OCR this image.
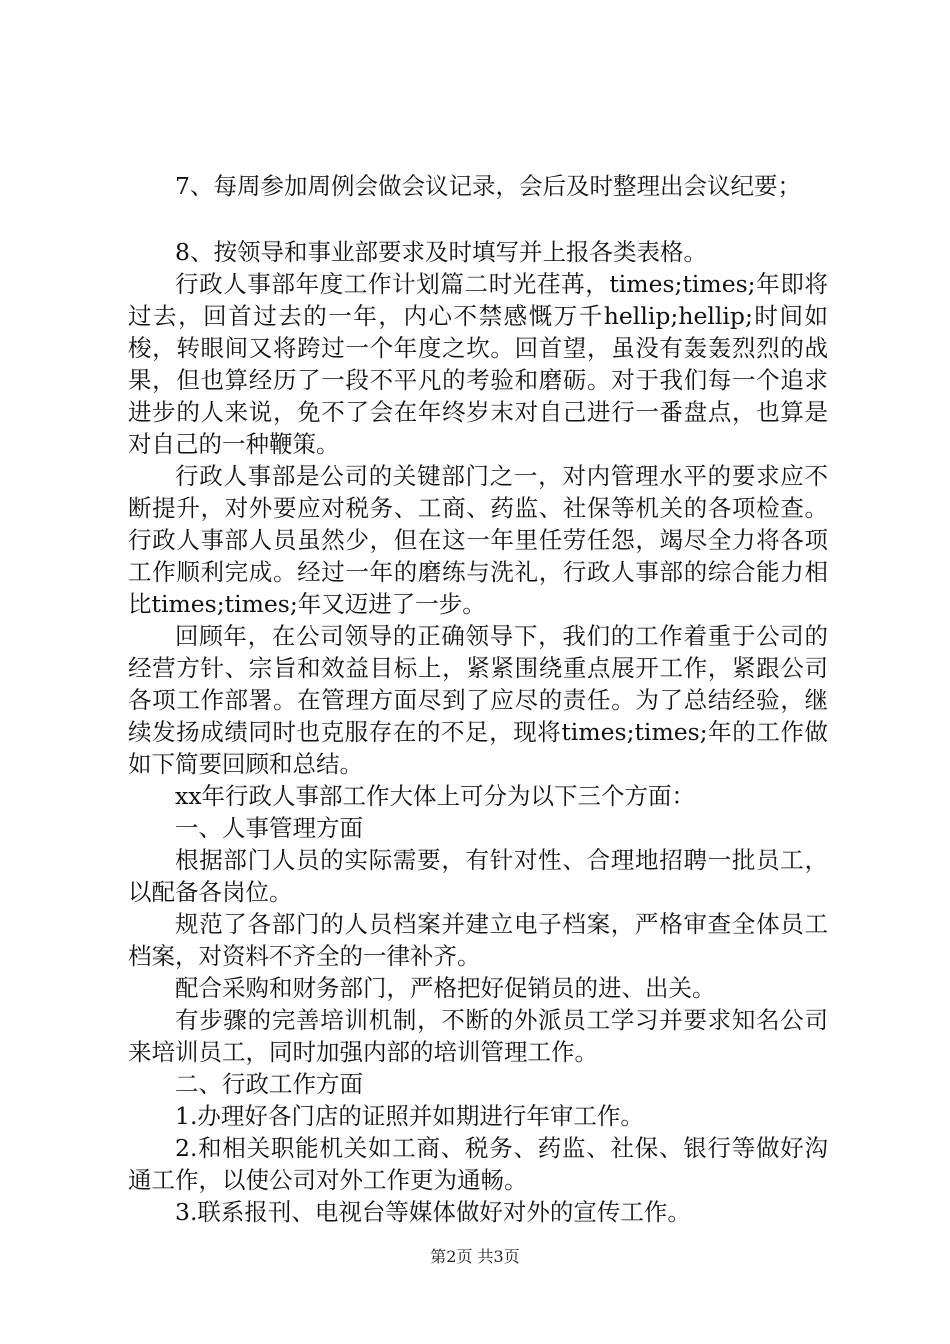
7、每周参加周例会做会议记录，会后及时整理出会议纪要；

8、按领导和事业部要求及时填写并上报各类表格。

行政人事部年度工作计划篇二时光荏苒，times;times;年即将过去，回首过去的一年，内心不禁感慨万千hellip;hellip;时间如梭，转眼间又将跨过一个年度之坎。回首望，虽没有轰轰烈烈的战果，但也算经历了一段不平凡的考验和磨砺。对于我们每一个追求进步的人来说，免不了会在年终岁末对自己进行一番盘点，也算是对自己的一种鞭策。

行政人事部是公司的关键部门之一，对内管理水平的要求应不断提升，对外要应对税务、工商、药监、社保等机关的各项检查。行政人事部人员虽然少，但在这一年里任劳任怨，竭尽全力将各项工作顺利完成。经过一年的磨练与洗礼，行政人事部的综合能力相比times;times;年又迈进了一步。

回顾年，在公司领导的正确领导下，我们的工作着重于公司的经营方针、宗旨和效益目标上，紧紧围绕重点展开工作，紧跟公司各项工作部署。在管理方面尽到了应尽的责任。为了总结经验，继续发扬成绩同时也克服存在的不足，现将times;times;年的工作做如下简要回顾和总结。

xx年行政人事部工作大体上可分为以下三个方面：

一、人事管理方面

根据部门人员的实际需要，有针对性、合理地招聘一批员工，以配备各岗位。

规范了各部门的人员档案并建立电子档案，严格审查全体员工档案，对资料不齐全的一律补齐。

配合采购和财务部门，严格把好促销员的进、出关。

有步骤的完善培训机制，不断的外派员工学习并要求知名公司来培训员工，同时加强内部的培训管理工作。

二、行政工作方面

1.办理好各门店的证照并如期进行年审工作。

2.和相关职能机关如工商、税务、药监、社保、银行等做好沟通工作，以使公司对外工作更为通畅。

3.联系报刊、电视台等媒体做好对外的宣传工作。

第2页 共3页
